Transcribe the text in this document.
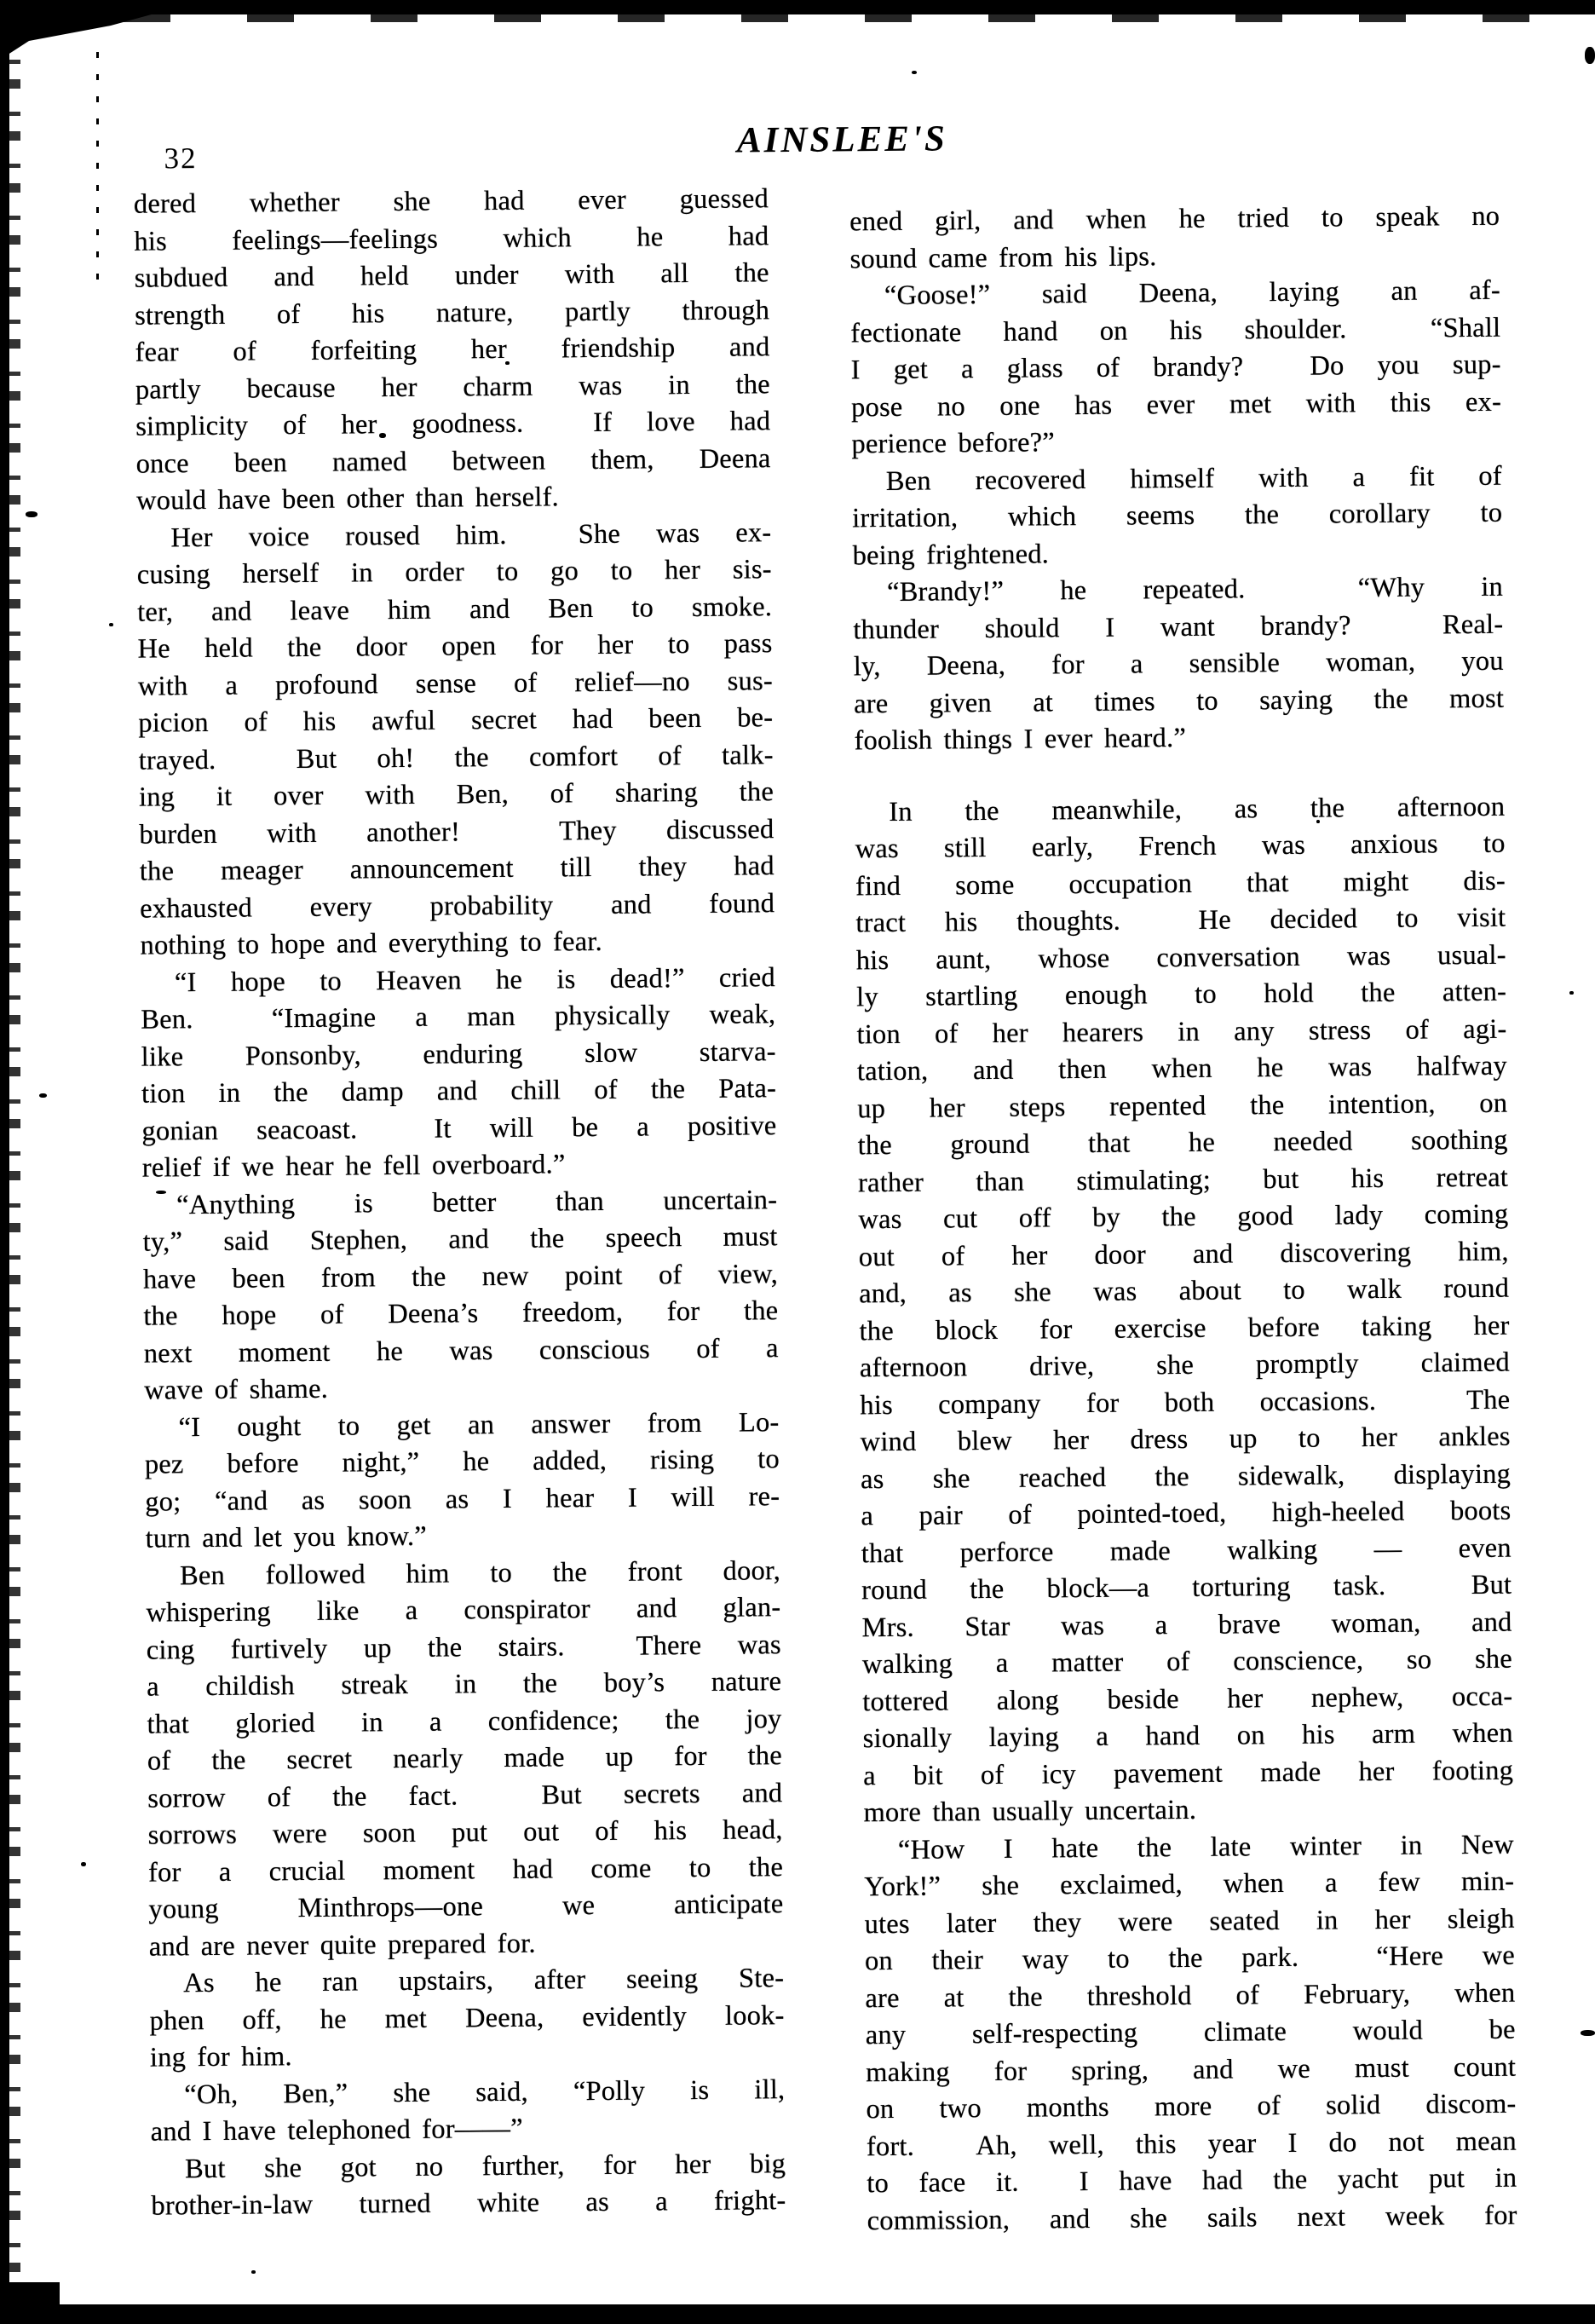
32	AINSLEE'S
dered whether she had ever guessed
his feelings—feelings which he had
subdued and held under with all the
strength of his nature, partly through
fear of forfeiting her friendship and
partly because her charm was in the
simplicity of her goodness.  If love had
once been named between them, Deena
would have been other than herself.
Her voice roused him.  She was ex-
cusing herself in order to go to her sis-
ter, and leave him and Ben to smoke.
He held the door open for her to pass
with a profound sense of relief—no sus-
picion of his awful secret had been be-
trayed.  But oh! the comfort of talk-
ing it over with Ben, of sharing the
burden with another!  They discussed
the meager announcement till they had
exhausted every probability and found
nothing to hope and everything to fear.
“I hope to Heaven he is dead!” cried
Ben.  “Imagine a man physically weak,
like Ponsonby, enduring slow starva-
tion in the damp and chill of the Pata-
gonian seacoast.  It will be a positive
relief if we hear he fell overboard.”
“Anything is better than uncertain-
ty,” said Stephen, and the speech must
have been from the new point of view,
the hope of Deena’s freedom, for the
next moment he was conscious of a
wave of shame.
“I ought to get an answer from Lo-
pez before night,” he added, rising to
go; “and as soon as I hear I will re-
turn and let you know.”
Ben followed him to the front door,
whispering like a conspirator and glan-
cing furtively up the stairs.  There was
a childish streak in the boy’s nature
that gloried in a confidence; the joy
of the secret nearly made up for the
sorrow of the fact.  But secrets and
sorrows were soon put out of his head,
for a crucial moment had come to the
young Minthrops—one we anticipate
and are never quite prepared for.
As he ran upstairs, after seeing Ste-
phen off, he met Deena, evidently look-
ing for him.
“Oh, Ben,” she said, “Polly is ill,
and I have telephoned for——”
But she got no further, for her big
brother-in-law turned white as a fright-
ened girl, and when he tried to speak no
sound came from his lips.
“Goose!” said Deena, laying an af-
fectionate hand on his shoulder.  “Shall
I get a glass of brandy?  Do you sup-
pose no one has ever met with this ex-
perience before?”
Ben recovered himself with a fit of
irritation, which seems the corollary to
being frightened.
“Brandy!” he repeated.  “Why in
thunder should I want brandy?  Real-
ly, Deena, for a sensible woman, you
are given at times to saying the most
foolish things I ever heard.”
In the meanwhile, as the afternoon
was still early, French was anxious to
find some occupation that might dis-
tract his thoughts.  He decided to visit
his aunt, whose conversation was usual-
ly startling enough to hold the atten-
tion of her hearers in any stress of agi-
tation, and then when he was halfway
up her steps repented the intention, on
the ground that he needed soothing
rather than stimulating; but his retreat
was cut off by the good lady coming
out of her door and discovering him,
and, as she was about to walk round
the block for exercise before taking her
afternoon drive, she promptly claimed
his company for both occasions.  The
wind blew her dress up to her ankles
as she reached the sidewalk, displaying
a pair of pointed-toed, high-heeled boots
that perforce made walking — even
round the block—a torturing task.  But
Mrs. Star was a brave woman, and
walking a matter of conscience, so she
tottered along beside her nephew, occa-
sionally laying a hand on his arm when
a bit of icy pavement made her footing
more than usually uncertain.
“How I hate the late winter in New
York!” she exclaimed, when a few min-
utes later they were seated in her sleigh
on their way to the park.  “Here we
are at the threshold of February, when
any self-respecting climate would be
making for spring, and we must count
on two months more of solid discom-
fort.  Ah, well, this year I do not mean
to face it.  I have had the yacht put in
commission, and she sails next week for
